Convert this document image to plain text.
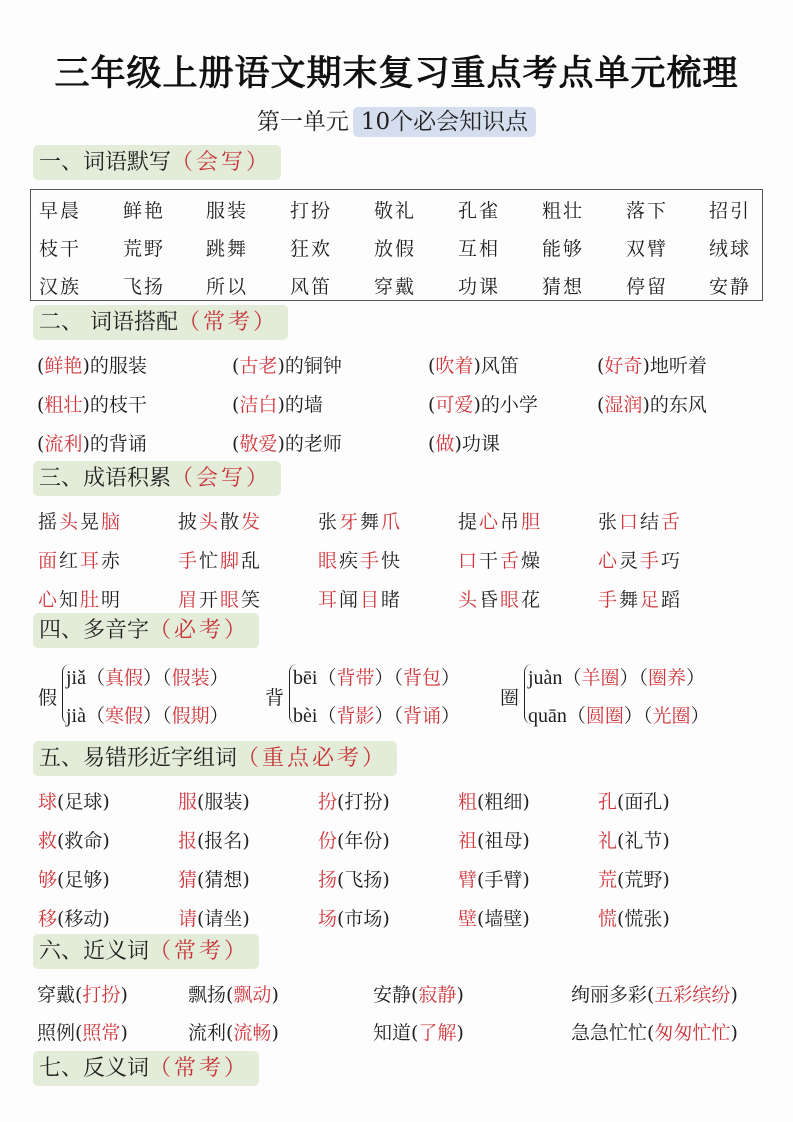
三年级上册语文期末复习重点考点单元梳理
第一单元 10个必会知识点
一、词语默写（会写）
早晨 鲜艳 服装 打扮 敬礼 孔雀 粗壮 落下 招引
枝干 荒野 跳舞 狂欢 放假 互相 能够 双臂 绒球
汉族 飞扬 所以 风笛 穿戴 功课 猜想 停留 安静
二、 词语搭配（常考）
(鲜艳)的服装	(古老)的铜钟	(吹着)风笛	(好奇)地听着
(粗壮)的枝干	(洁白)的墙	(可爱)的小学	(湿润)的东风
(流利)的背诵	(敬爱)的老师	(做)功课
三、成语积累（会写）
摇头晃脑	披头散发	张牙舞爪	提心吊胆	张口结舌
面红耳赤	手忙脚乱	眼疾手快	口干舌燥	心灵手巧
心知肚明	眉开眼笑	耳闻目睹	头昏眼花	手舞足蹈
四、多音字（必考）
假
jiǎ（真假）（假装）
jià（寒假）（假期）
背
bēi（背带）（背包）
bèi（背影）（背诵）
圈
juàn（羊圈）（圈养）
quān（圆圈）（光圈）
五、易错形近字组词（重点必考）
球(足球)	服(服装)	扮(打扮)	粗(粗细)	孔(面孔)
救(救命)	报(报名)	份(年份)	祖(祖母)	礼(礼节)
够(足够)	猜(猜想)	扬(飞扬)	臂(手臂)	荒(荒野)
移(移动)	请(请坐)	场(市场)	壁(墙壁)	慌(慌张)
六、近义词（常考）
穿戴(打扮)	飘扬(飘动)	安静(寂静)	绚丽多彩(五彩缤纷)
照例(照常)	流利(流畅)	知道(了解)	急急忙忙(匆匆忙忙)
七、反义词（常考）
